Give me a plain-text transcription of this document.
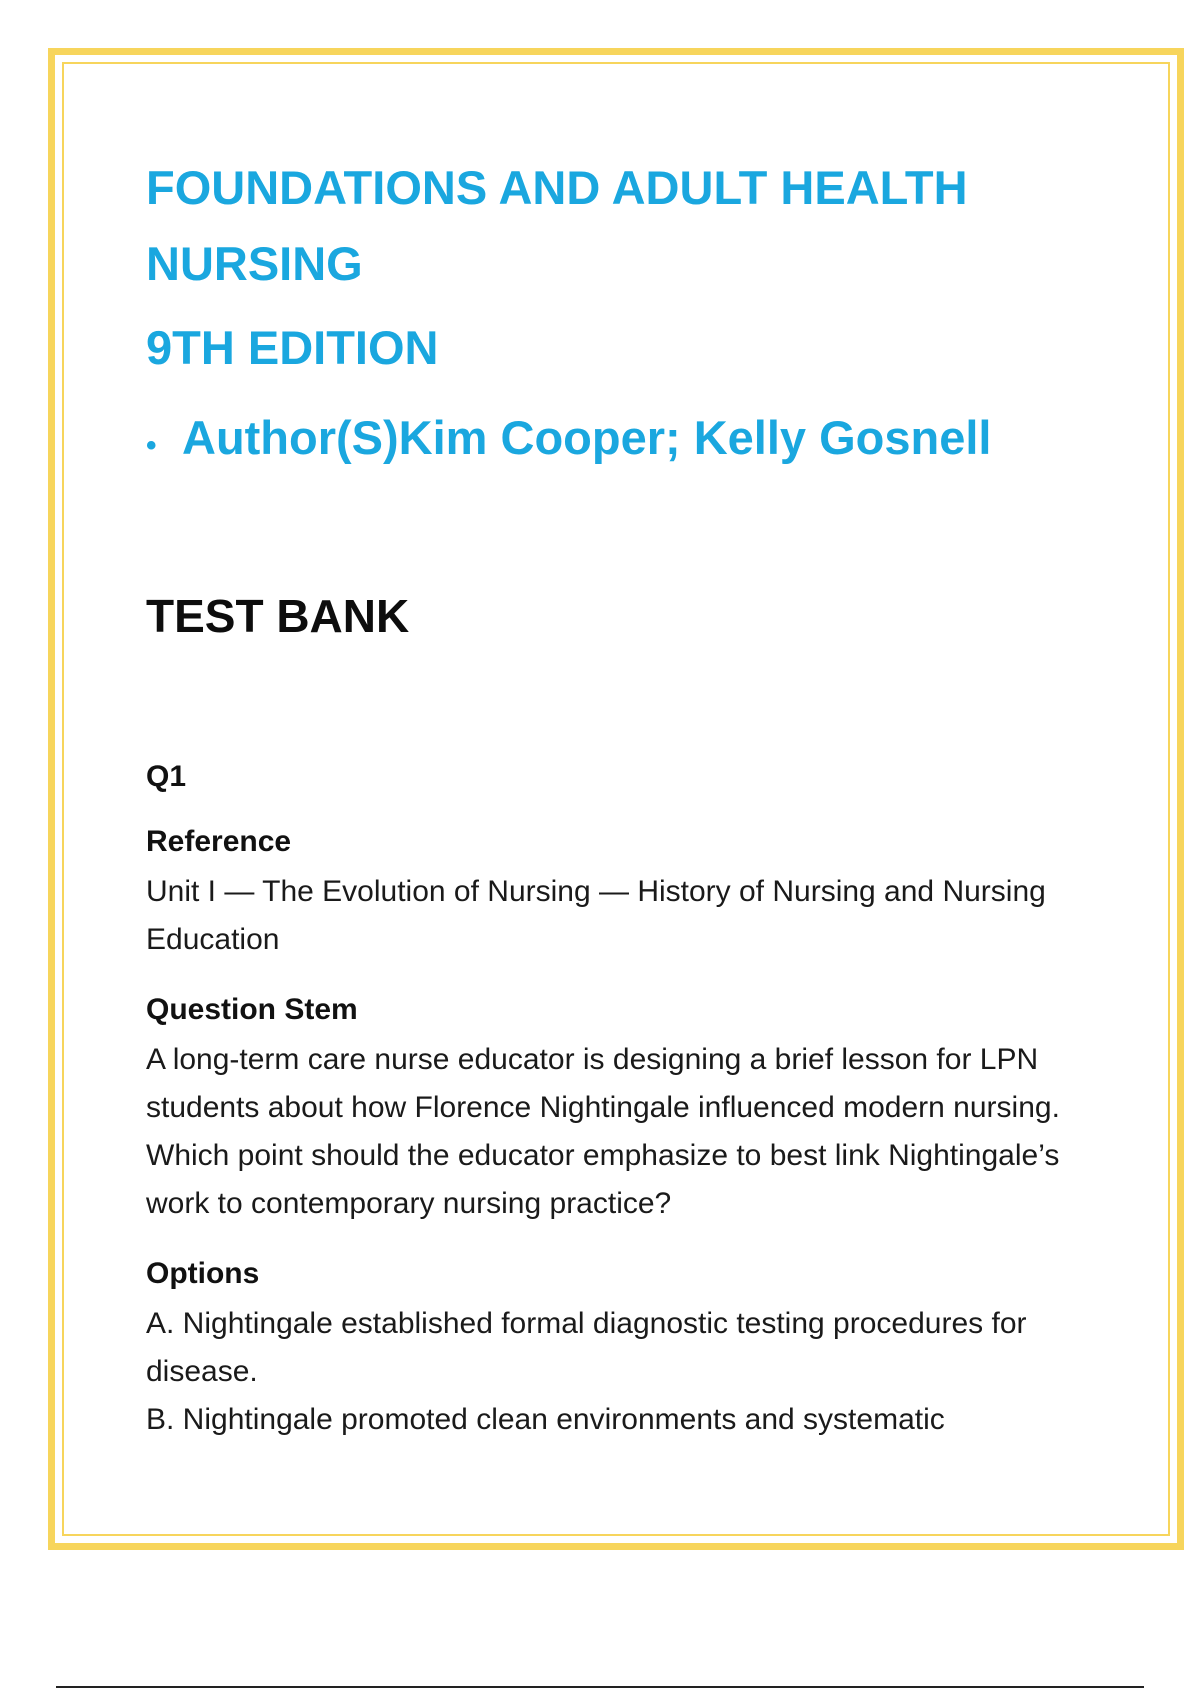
FOUNDATIONS AND ADULT HEALTH NURSING
9TH EDITION
• Author(S)Kim Cooper; Kelly Gosnell
TEST BANK
Q1
Reference
Unit I — The Evolution of Nursing — History of Nursing and Nursing Education
Question Stem
A long-term care nurse educator is designing a brief lesson for LPN students about how Florence Nightingale influenced modern nursing. Which point should the educator emphasize to best link Nightingale’s work to contemporary nursing practice?
Options
A. Nightingale established formal diagnostic testing procedures for disease.
B. Nightingale promoted clean environments and systematic
